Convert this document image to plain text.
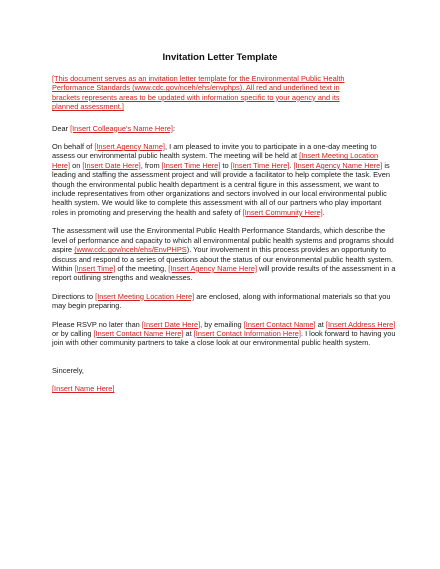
Invitation Letter Template

[This document serves as an invitation letter template for the Environmental Public Health
Performance Standards (www.cdc.gov/nceh/ehs/envphps). All red and underlined text in
brackets represents areas to be updated with information specific to your agency and its
planned assessment.]

Dear [Insert Colleague's Name Here]:

On behalf of [Insert Agency Name], I am pleased to invite you to participate in a one-day meeting to assess our environmental public health system. The meeting will be held at [Insert Meeting Location Here] on [Insert Date Here], from [Insert Time Here] to [Insert Time Here]. [Insert Agency Name Here] is leading and staffing the assessment project and will provide a facilitator to help complete the task. Even though the environmental public health department is a central figure in this assessment, we want to include representatives from other organizations and sectors involved in our local environmental public health system. We would like to complete this assessment with all of our partners who play important roles in promoting and preserving the health and safety of [Insert Community Here].

The assessment will use the Environmental Public Health Performance Standards, which describe the level of performance and capacity to which all environmental public health systems and programs should aspire (www.cdc.gov/nceh/ehs/EnvPHPS). Your involvement in this process provides an opportunity to discuss and respond to a series of questions about the status of our environmental public health system. Within [Insert Time] of the meeting, [Insert Agency Name Here] will provide results of the assessment in a report outlining strengths and weaknesses.

Directions to [Insert Meeting Location Here] are enclosed, along with informational materials so that you may begin preparing.

Please RSVP no later than [Insert Date Here], by emailing [Insert Contact Name] at [Insert Address Here] or by calling [Insert Contact Name Here] at [Insert Contact Information Here]. I look forward to having you join with other community partners to take a close look at our environmental public health system.

Sincerely,

[Insert Name Here]
